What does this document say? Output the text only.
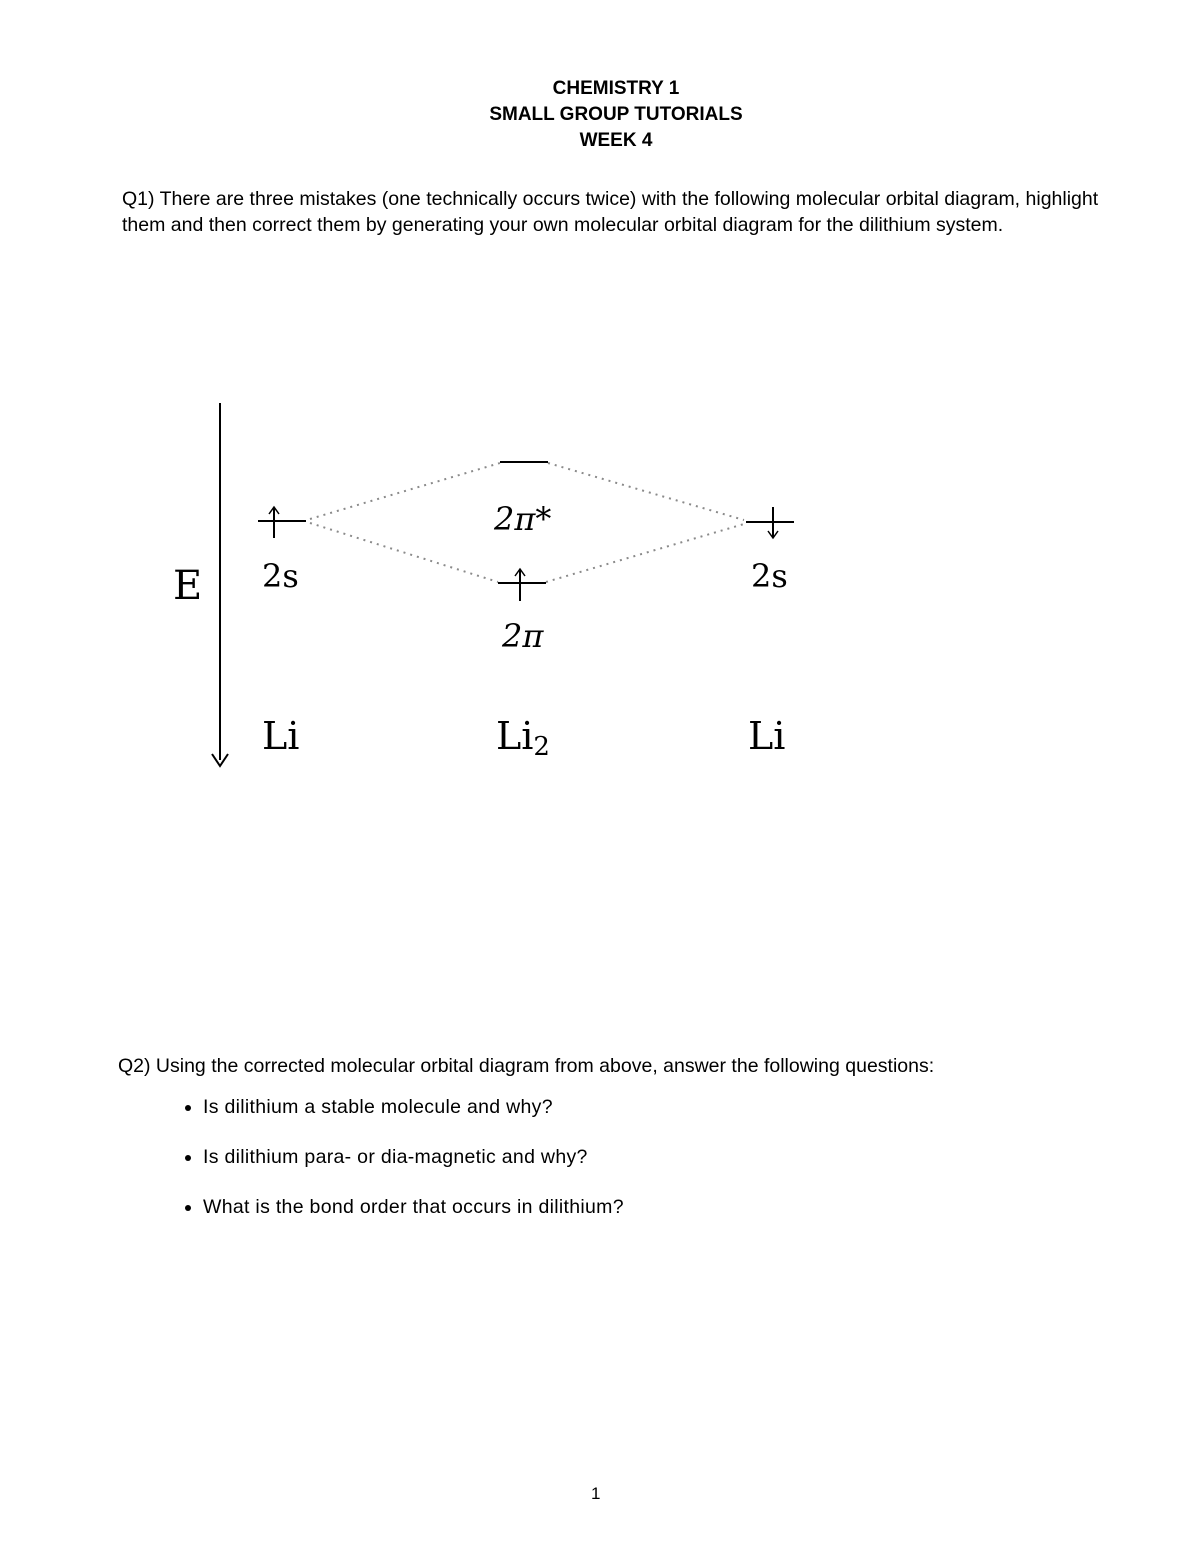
CHEMISTRY 1
SMALL GROUP TUTORIALS
WEEK 4
Q1) There are three mistakes (one technically occurs twice) with the following molecular orbital diagram, highlight them and then correct them by generating your own molecular orbital diagram for the dilithium system.
E 2s
2π*
2π
2s
Li	Li2	Li
Q2) Using the corrected molecular orbital diagram from above, answer the following questions:
Is dilithium a stable molecule and why?
Is dilithium para- or dia-magnetic and why?
What is the bond order that occurs in dilithium?
1
